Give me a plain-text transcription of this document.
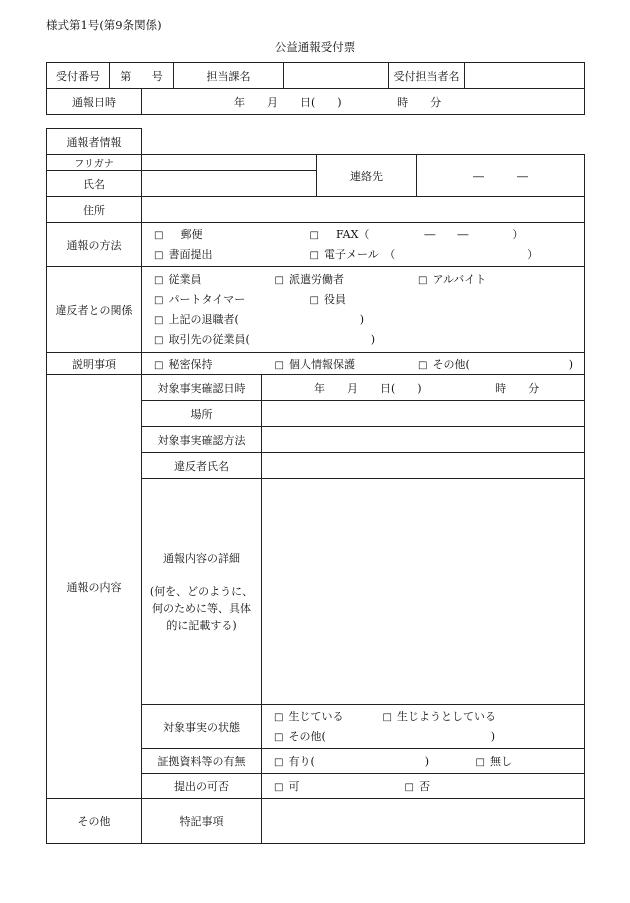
様式第1号(第9条関係)
公益通報受付票
受付番号	第	号	担当課名		受付担当者名	
通報日時		年　　月　　日(　　) 時　　分				
通報者情報				
フリガナ			連絡先	―　　　―
氏名				
住所				
通報の方法	□ 郵便 □ FAX（　　　　　―　　―　　　　）
□ 書面提出 □ 電子メール　（　　　　　　　　　　　　）			

違反者との関係	□ 従業員 □ 派遣労働者 □ アルバイト
□ パートタイマー □ 役員
□ 上記の退職者(　　　　　　　　　　　)
□ 取引先の従業員(　　　　　　　　　　　)			

説明事項	□ 秘密保持 □ 個人情報保護 □ その他(　　　　　　　　　)			
通報の内容	対象事実確認日時	年　　月　　日(　　) 時　　分		
	場所			
	対象事実確認方法			
	違反者氏名			

	通報内容の詳細
(何を、どのように、
何のために等、具体
的に記載する)			

	対象事実の状態	□ 生じている □ 生じようとしている
□ その他(　　　　　　　　　　　　　　　)		

	証拠資料等の有無	□ 有り(　　　　　　　　　　) □ 無し		
	提出の可否	□ 可 □ 否		
その他	特記事項			
